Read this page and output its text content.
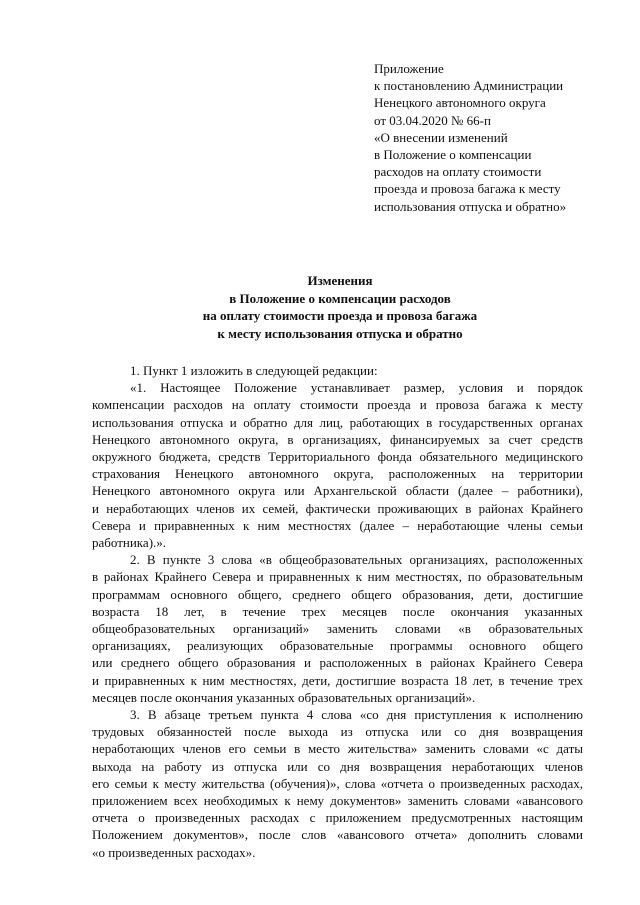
Приложение
к постановлению Администрации
Ненецкого автономного округа
от 03.04.2020 № 66-п
«О внесении изменений
в Положение о компенсации
расходов на оплату стоимости
проезда и провоза багажа к месту
использования отпуска и обратно»
Изменения
в Положение о компенсации расходов
на оплату стоимости проезда и провоза багажа
к месту использования отпуска и обратно
1. Пункт 1 изложить в следующей редакции:
«1. Настоящее Положение устанавливает размер, условия и порядок
компенсации расходов на оплату стоимости проезда и провоза багажа к месту
использования отпуска и обратно для лиц, работающих в государственных органах
Ненецкого автономного округа, в организациях, финансируемых за счет средств
окружного бюджета, средств Территориального фонда обязательного медицинского
страхования Ненецкого автономного округа, расположенных на территории
Ненецкого автономного округа или Архангельской области (далее – работники),
и неработающих членов их семей, фактически проживающих в районах Крайнего
Севера и приравненных к ним местностях (далее – неработающие члены семьи
работника).».
2. В пункте 3 слова «в общеобразовательных организациях, расположенных
в районах Крайнего Севера и приравненных к ним местностях, по образовательным
программам основного общего, среднего общего образования, дети, достигшие
возраста 18 лет, в течение трех месяцев после окончания указанных
общеобразовательных организаций» заменить словами «в образовательных
организациях, реализующих образовательные программы основного общего
или среднего общего образования и расположенных в районах Крайнего Севера
и приравненных к ним местностях, дети, достигшие возраста 18 лет, в течение трех
месяцев после окончания указанных образовательных организаций».
3. В абзаце третьем пункта 4 слова «со дня приступления к исполнению
трудовых обязанностей после выхода из отпуска или со дня возвращения
неработающих членов его семьи в место жительства» заменить словами «с даты
выхода на работу из отпуска или со дня возвращения неработающих членов
его семьи к месту жительства (обучения)», слова «отчета о произведенных расходах,
приложением всех необходимых к нему документов» заменить словами «авансового
отчета о произведенных расходах с приложением предусмотренных настоящим
Положением документов», после слов «авансового отчета» дополнить словами
«о произведенных расходах».
